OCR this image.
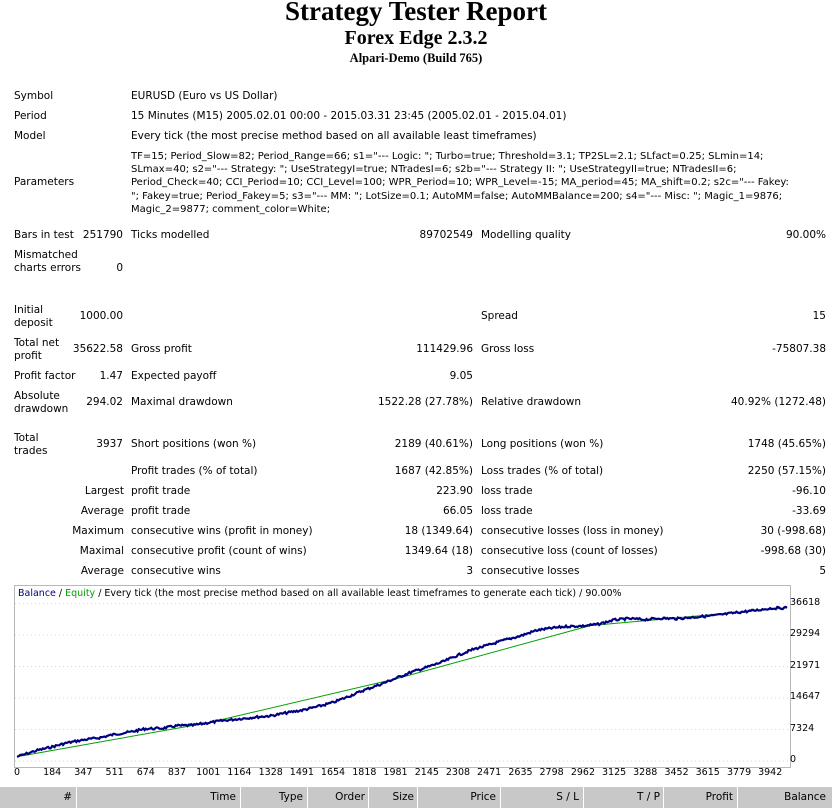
Strategy Tester Report
Forex Edge 2.3.2
Alpari-Demo (Build 765)
Symbol	EURUSD (Euro vs US Dollar)
Period	15 Minutes (M15) 2005.02.01 00:00 - 2015.03.31 23:45 (2005.02.01 - 2015.04.01)
Model	Every tick (the most precise method based on all available least timeframes)
Parameters
TF=15; Period_Slow=82; Period_Range=66; s1="--- Logic: "; Turbo=true; Threshold=3.1; TP2SL=2.1; SLfact=0.25; SLmin=14; SLmax=40; s2="--- Strategy: "; UseStrategyI=true; NTradesI=6; s2b="--- Strategy II: "; UseStrategyII=true; NTradesII=6; Period_Check=40; CCI_Period=10; CCI_Level=100; WPR_Period=10; WPR_Level=-15; MA_period=45; MA_shift=0.2; s2c="--- Fakey: "; Fakey=true; Period_Fakey=5; s3="--- MM: "; LotSize=0.1; AutoMM=false; AutoMMBalance=200; s4="--- Misc: "; Magic_1=9876; Magic_2=9877; comment_color=White;
Bars in test 251790 Ticks modelled	89702549 Modelling quality	90.00%
Mismatched charts errors	0
Initial deposit
1000.00	Spread	15
Total net profit
35622.58 Gross profit	111429.96 Gross loss	-75807.38
Profit factor	1.47 Expected payoff	9.05
Absolute drawdown
294.02 Maximal drawdown	1522.28 (27.78%) Relative drawdown	40.92% (1272.48)
Total trades
3937 Short positions (won %)	2189 (40.61%) Long positions (won %)	1748 (45.65%)
Profit trades (% of total)	1687 (42.85%) Loss trades (% of total)	2250 (57.15%)
Largest profit trade	223.90 loss trade	-96.10
Average profit trade	66.05 loss trade	-33.69
Maximum consecutive wins (profit in money)	18 (1349.64) consecutive losses (loss in money)	30 (-998.68)
Maximal consecutive profit (count of wins)	1349.64 (18) consecutive loss (count of losses)	-998.68 (30)
Average consecutive wins	3 consecutive losses	5
Balance / Equity / Every tick (the most precise method based on all available least timeframes to generate each tick) / 90.00%
36618
29294
21971
14647
7324
0
0 184 347 511 674 837 1001 1164 1328 1491 1654 1818 1981 2145 2308 2471 2635 2798 2962 3125 3288 3452 3615 3779 3942
#	Time	Type	Order	Size	Price	S / L	T / P	Profit	Balance
